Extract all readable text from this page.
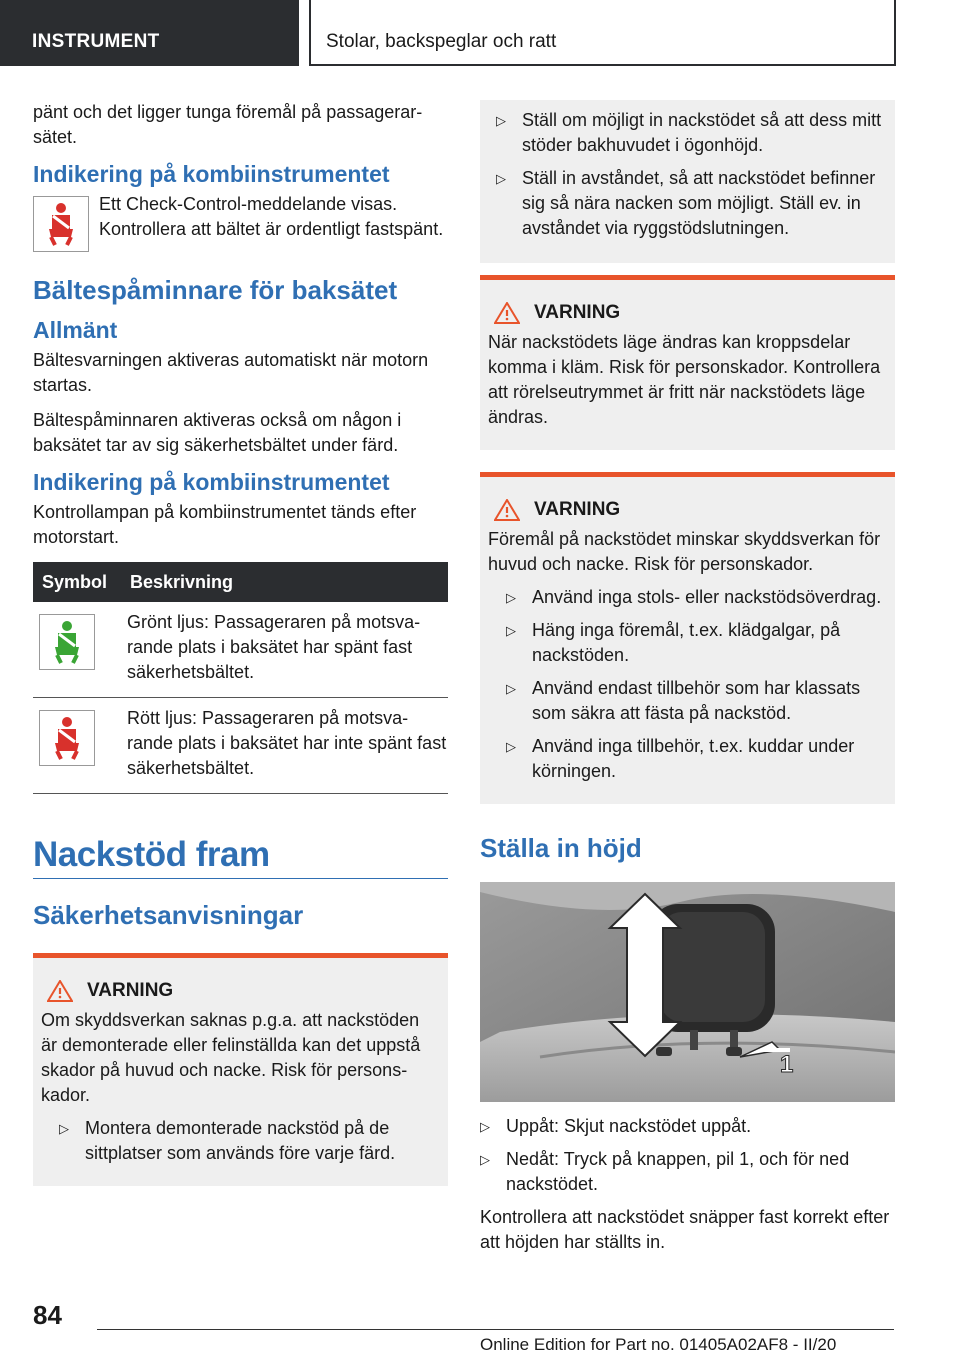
INSTRUMENT	Stolar, backspeglar och ratt

pänt och det ligger tunga föremål på passagerarsätet.

Indikering på kombiinstrumentet

Ett Check-Control-meddelande visas. Kontrollera att bältet är ordentligt fastspänt.

Bältespåminnare för baksätet
Allmänt

Bältesvarningen aktiveras automatiskt när motorn startas.

Bältespåminnaren aktiveras också om någon i baksätet tar av sig säkerhetsbältet under färd.

Indikering på kombiinstrumentet

Kontrollampan på kombiinstrumentet tänds efter motorstart.

Symbol	Beskrivning

	Grönt ljus: Passageraren på motsvarande plats i baksätet har spänt fast säkerhetsbältet.

	Rött ljus: Passageraren på motsvarande plats i baksätet har inte spänt fast säkerhetsbältet.
Nackstöd fram
Säkerhetsanvisningar
VARNING

Om skyddsverkan saknas p.g.a. att nackstöden är demonterade eller felinställda kan det uppstå skador på huvud och nacke. Risk för personskador.

▷ Montera demonterade nackstöd på de sittplatser som används före varje färd.
▷ Ställ om möjligt in nackstödet så att dess mitt stöder bakhuvudet i ögonhöjd.
▷ Ställ in avståndet, så att nackstödet befinner sig så nära nacken som möjligt. Ställ ev. in avståndet via ryggstödslutningen.
VARNING

När nackstödets läge ändras kan kroppsdelar komma i kläm. Risk för personskador. Kontrollera att rörelseutrymmet är fritt när nackstödets läge ändras.

VARNING

Föremål på nackstödet minskar skyddsverkan för huvud och nacke. Risk för personskador.

▷ Använd inga stols- eller nackstödsöverdrag.
▷ Häng inga föremål, t.ex. klädgalgar, på nackstöden.
▷ Använd endast tillbehör som har klassats som säkra att fästa på nackstöd.
▷ Använd inga tillbehör, t.ex. kuddar under körningen.
Ställa in höjd
1
▷ Uppåt: Skjut nackstödet uppåt.
▷ Nedåt: Tryck på knappen, pil 1, och för ned nackstödet.

Kontrollera att nackstödet snäpper fast korrekt efter att höjden har ställts in.

84
Online Edition for Part no. 01405A02AF8 - II/20
